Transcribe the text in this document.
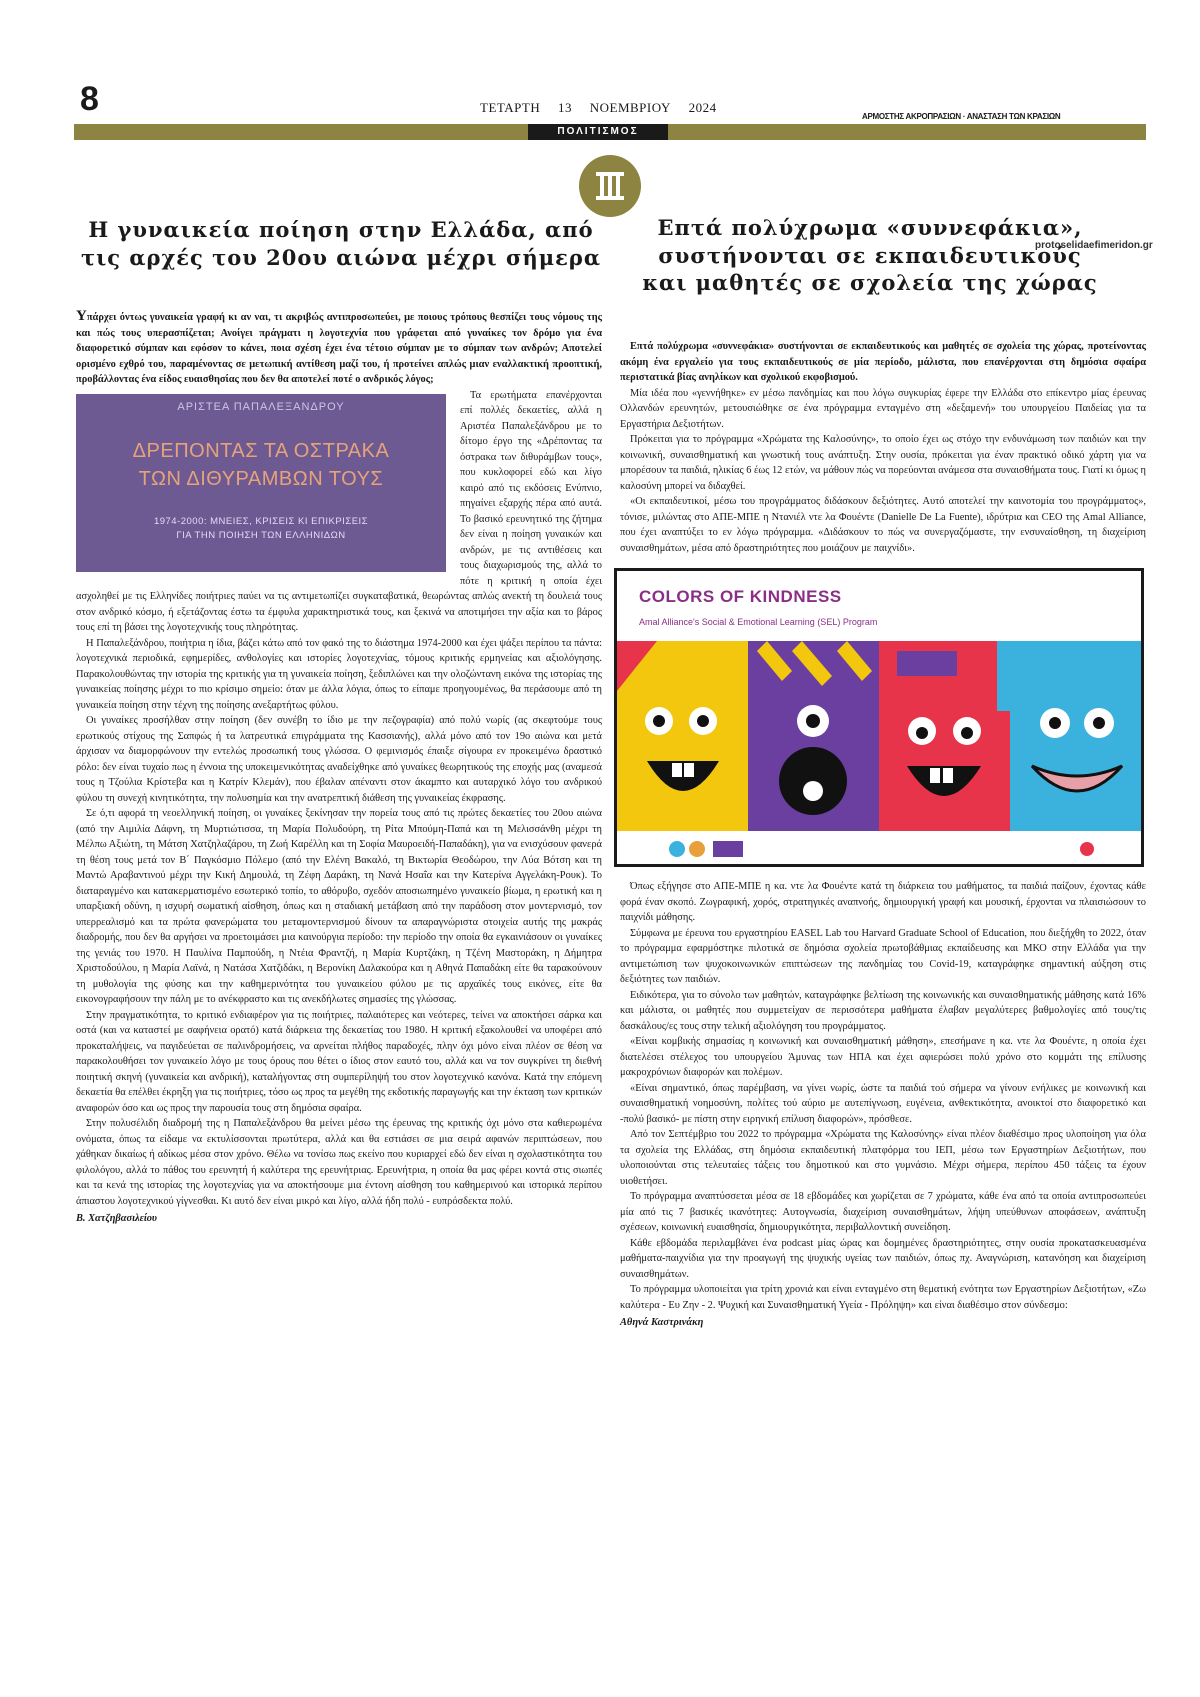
8	ΤΕΤΑΡΤΗ 13 ΝΟΕΜΒΡΙΟΥ 2024
ΑΡΜΟΣΤΗΣ ΑΚΡΟΠΡΑΣΙΩΝ · ΑΝΑΣΤΑΣΗ ΤΩΝ ΚΡΑΣΙΩΝ
ΠΟΛΙΤΙΣΜΟΣ
Η γυναικεία ποίηση στην Ελλάδα, από τις αρχές του 20ου αιώνα μέχρι σήμερα
Επτά πολύχρωμα «συννεφάκια», συστήνονται σε εκπαιδευτικούς και μαθητές σε σχολεία της χώρας
protoselidaefimeridon.gr

Υπάρχει όντως γυναικεία γραφή κι αν ναι, τι ακριβώς αντιπροσωπεύει, με ποιους τρόπους θεσπίζει τους νόμους της και πώς τους υπερασπίζεται; Ανοίγει πράγματι η λογοτεχνία που γράφεται από γυναίκες τον δρόμο για ένα διαφορετικό σύμπαν και εφόσον το κάνει, ποια σχέση έχει ένα τέτοιο σύμπαν με το σύμπαν των ανδρών; Αποτελεί ορισμένο εχθρό του, παραμένοντας σε μετωπική αντίθεση μαζί του, ή προτείνει απλώς μιαν εναλλακτική προοπτική, προβάλλοντας ένα είδος ευαισθησίας που δεν θα αποτελεί ποτέ ο ανδρικός λόγος;

ΑΡΙΣΤΕΑ ΠΑΠΑΛΕΞΑΝΔΡΟΥ
ΔΡΕΠΟΝΤΑΣ ΤΑ ΟΣΤΡΑΚΑ
ΤΩΝ ΔΙΘΥΡΑΜΒΩΝ ΤΟΥΣ
1974-2000: ΜΝΕΙΕΣ, ΚΡΙΣΕΙΣ ΚΙ ΕΠΙΚΡΙΣΕΙΣ
ΓΙΑ ΤΗΝ ΠΟΙΗΣΗ ΤΩΝ ΕΛΛΗΝΙΔΩΝ

Τα ερωτήματα επανέρχονται επί πολλές δεκαετίες, αλλά η Αριστέα Παπαλεξάνδρου με το δίτομο έργο της «Δρέποντας τα όστρακα των διθυράμβων τους», που κυκλοφορεί εδώ και λίγο καιρό από τις εκδόσεις Ενύπνιο, πηγαίνει εξαρχής πέρα από αυτά. Το βασικό ερευνητικό της ζήτημα δεν είναι η ποίηση γυναικών και ανδρών, με τις αντιθέσεις και τους διαχωρισμούς της, αλλά το πότε η κριτική η οποία έχει ασχοληθεί με τις Ελληνίδες ποιήτριες παύει να τις αντιμετωπίζει συγκαταβατικά, θεωρώντας απλώς ανεκτή τη δουλειά τους στον ανδρικό κόσμο, ή εξετάζοντας έστω τα έμφυλα χαρακτηριστικά τους, και ξεκινά να αποτιμήσει την αξία και το βάρος τους επί τη βάσει της λογοτεχνικής τους πληρότητας.

Η Παπαλεξάνδρου, ποιήτρια η ίδια, βάζει κάτω από τον φακό της το διάστημα 1974-2000 και έχει ψάξει περίπου τα πάντα: λογοτεχνικά περιοδικά, εφημερίδες, ανθολογίες και ιστορίες λογοτεχνίας, τόμους κριτικής ερμηνείας και αξιολόγησης. Παρακολουθώντας την ιστορία της κριτικής για τη γυναικεία ποίηση, ξεδιπλώνει και την ολοζώντανη εικόνα της ιστορίας της γυναικείας ποίησης μέχρι το πιο κρίσιμο σημείο: όταν με άλλα λόγια, όπως το είπαμε προηγουμένως, θα περάσουμε από τη γυναικεία ποίηση στην τέχνη της ποίησης ανεξαρτήτως φύλου.

Οι γυναίκες προσήλθαν στην ποίηση (δεν συνέβη το ίδιο με την πεζογραφία) από πολύ νωρίς (ας σκεφτούμε τους ερωτικούς στίχους της Σαπφώς ή τα λατρευτικά επιγράμματα της Κασσιανής), αλλά μόνο από τον 19ο αιώνα και μετά άρχισαν να διαμορφώνουν την εντελώς προσωπική τους γλώσσα. Ο φεμινισμός έπαιξε σίγουρα εν προκειμένω δραστικό ρόλο: δεν είναι τυχαίο πως η έννοια της υποκειμενικότητας αναδείχθηκε από γυναίκες θεωρητικούς της εποχής μας (αναμεσά τους η Τζούλια Κρίστεβα και η Κατρίν Κλεμάν), που έβαλαν απέναντι στον άκαμπτο και αυταρχικό λόγο του ανδρικού φύλου τη συνεχή κινητικότητα, την πολυσημία και την ανατρεπτική διάθεση της γυναικείας έκφρασης.

Σε ό,τι αφορά τη νεοελληνική ποίηση, οι γυναίκες ξεκίνησαν την πορεία τους από τις πρώτες δεκαετίες του 20ου αιώνα (από την Αιμιλία Δάφνη, τη Μυρτιώτισσα, τη Μαρία Πολυδούρη, τη Ρίτα Μπούμη-Παπά και τη Μελισσάνθη μέχρι τη Μέλπω Αξιώτη, τη Μάτση Χατζηλαζάρου, τη Ζωή Καρέλλη και τη Σοφία Μαυροειδή-Παπαδάκη), για να ενισχύσουν φανερά τη θέση τους μετά τον Β΄ Παγκόσμιο Πόλεμο (από την Ελένη Βακαλό, τη Βικτωρία Θεοδώρου, την Λύα Βότση και τη Μαντώ Αραβαντινού μέχρι την Κική Δημουλά, τη Ζέφη Δαράκη, τη Νανά Ησαΐα και την Κατερίνα Αγγελάκη-Ρουκ). Το διαταραγμένο και κατακερματισμένο εσωτερικό τοπίο, το αθόρυβο, σχεδόν αποσιωπημένο γυναικείο βίωμα, η ερωτική και η υπαρξιακή οδύνη, η ισχυρή σωματική αίσθηση, όπως και η σταδιακή μετάβαση από την παράδοση στον μοντερνισμό, τον υπερρεαλισμό και τα πρώτα φανερώματα του μεταμοντερνισμού δίνουν τα απαραγνώριστα στοιχεία αυτής της μακράς διαδρομής, που δεν θα αργήσει να προετοιμάσει μια καινούργια περίοδο: την περίοδο την οποία θα εγκαινιάσουν οι γυναίκες της γενιάς του 1970. Η Παυλίνα Παμπούδη, η Ντέια Φραντζή, η Μαρία Κυρτζάκη, η Τζένη Μαστοράκη, η Δήμητρα Χριστοδούλου, η Μαρία Λαϊνά, η Νατάσα Χατζιδάκι, η Βερονίκη Δαλακούρα και η Αθηνά Παπαδάκη είτε θα ταρακούνουν τη μυθολογία της φύσης και την καθημερινότητα του γυναικείου φύλου με τις αρχαϊκές τους εικόνες, είτε θα εικονογραφήσουν την πάλη με το ανέκφραστο και τις ανεκδήλωτες σημασίες της γλώσσας.

Στην πραγματικότητα, το κριτικό ενδιαφέρον για τις ποιήτριες, παλαιότερες και νεότερες, τείνει να αποκτήσει σάρκα και οστά (και να καταστεί με σαφήνεια ορατό) κατά διάρκεια της δεκαετίας του 1980. Η κριτική εξακολουθεί να υποφέρει από προκαταλήψεις, να παγιδεύεται σε παλινδρομήσεις, να αρνείται πλήθος παραδοχές, πλην όχι μόνο είναι πλέον σε θέση να παρακολουθήσει τον γυναικείο λόγο με τους όρους που θέτει ο ίδιος στον εαυτό του, αλλά και να τον συγκρίνει τη διεθνή ποιητική σκηνή (γυναικεία και ανδρική), καταλήγοντας στη συμπερίληψή του στον λογοτεχνικό κανόνα. Κατά την επόμενη δεκαετία θα επέλθει έκρηξη για τις ποιήτριες, τόσο ως προς τα μεγέθη της εκδοτικής παραγωγής και την έκταση των κριτικών αναφορών όσο και ως προς την παρουσία τους στη δημόσια σφαίρα.

Στην πολυσέλιδη διαδρομή της η Παπαλεξάνδρου θα μείνει μέσω της έρευνας της κριτικής όχι μόνο στα καθιερωμένα ονόματα, όπως τα είδαμε να εκτυλίσσονται πρωτύτερα, αλλά και θα εστιάσει σε μια σειρά αφανών περιπτώσεων, που χάθηκαν δικαίως ή αδίκως μέσα στον χρόνο. Θέλω να τονίσω πως εκείνο που κυριαρχεί εδώ δεν είναι η σχολαστικότητα του φιλολόγου, αλλά το πάθος του ερευνητή ή καλύτερα της ερευνήτριας. Ερευνήτρια, η οποία θα μας φέρει κοντά στις σιωπές και τα κενά της ιστορίας της λογοτεχνίας για να αποκτήσουμε μια έντονη αίσθηση του καθημερινού και ιστορικά περίπου άπιαστου λογοτεχνικού γίγνεσθαι. Κι αυτό δεν είναι μικρό και λίγο, αλλά ήδη πολύ - ευπρόσδεκτα πολύ.

Β. Χατζηβασιλείου

Επτά πολύχρωμα «συννεφάκια» συστήνονται σε εκπαιδευτικούς και μαθητές σε σχολεία της χώρας, προτείνοντας ακόμη ένα εργαλείο για τους εκπαιδευτικούς σε μία περίοδο, μάλιστα, που επανέρχονται στη δημόσια σφαίρα περιστατικά βίας ανηλίκων και σχολικού εκφοβισμού.

Μία ιδέα που «γεννήθηκε» εν μέσω πανδημίας και που λόγω συγκυρίας έφερε την Ελλάδα στο επίκεντρο μίας έρευνας Ολλανδών ερευνητών, μετουσιώθηκε σε ένα πρόγραμμα ενταγμένο στη «δεξαμενή» του υπουργείου Παιδείας για τα Εργαστήρια Δεξιοτήτων.

Πρόκειται για το πρόγραμμα «Χρώματα της Καλοσύνης», το οποίο έχει ως στόχο την ενδυνάμωση των παιδιών και την κοινωνική, συναισθηματική και γνωστική τους ανάπτυξη. Στην ουσία, πρόκειται για έναν πρακτικό οδικό χάρτη για να μπορέσουν τα παιδιά, ηλικίας 6 έως 12 ετών, να μάθουν πώς να πορεύονται ανάμεσα στα συναισθήματα τους. Γιατί κι όμως η καλοσύνη μπορεί να διδαχθεί.

«Οι εκπαιδευτικοί, μέσω του προγράμματος διδάσκουν δεξιότητες. Αυτό αποτελεί την καινοτομία του προγράμματος», τόνισε, μιλώντας στο ΑΠΕ-ΜΠΕ η Ντανιέλ ντε λα Φουέντε (Danielle De La Fuente), ιδρύτρια και CEO της Amal Alliance, που έχει αναπτύξει το εν λόγω πρόγραμμα. «Διδάσκουν το πώς να συνεργαζόμαστε, την ενσυναίσθηση, τη διαχείριση συναισθημάτων, μέσα από δραστηριότητες που μοιάζουν με παιχνίδι».

COLORS OF KINDNESS
Amal Alliance's Social & Emotional Learning (SEL) Program

Όπως εξήγησε στο ΑΠΕ-ΜΠΕ η κα. ντε λα Φουέντε κατά τη διάρκεια του μαθήματος, τα παιδιά παίζουν, έχοντας κάθε φορά έναν σκοπό. Ζωγραφική, χορός, στρατηγικές αναπνοής, δημιουργική γραφή και μουσική, έρχονται να πλαισιώσουν το παιχνίδι μάθησης.

Σύμφωνα με έρευνα του εργαστηρίου EASEL Lab του Harvard Graduate School of Education, που διεξήχθη το 2022, όταν το πρόγραμμα εφαρμόστηκε πιλοτικά σε δημόσια σχολεία πρωτοβάθμιας εκπαίδευσης και ΜΚΟ στην Ελλάδα για την αντιμετώπιση των ψυχοκοινωνικών επιπτώσεων της πανδημίας του Covid-19, καταγράφηκε σημαντική αύξηση στις δεξιότητες των παιδιών.

Ειδικότερα, για το σύνολο των μαθητών, καταγράφηκε βελτίωση της κοινωνικής και συναισθηματικής μάθησης κατά 16% και μάλιστα, οι μαθητές που συμμετείχαν σε περισσότερα μαθήματα έλαβαν μεγαλύτερες βαθμολογίες από τους/τις δασκάλους/ες τους στην τελική αξιολόγηση του προγράμματος.

«Είναι κομβικής σημασίας η κοινωνική και συναισθηματική μάθηση», επεσήμανε η κα. ντε λα Φουέντε, η οποία έχει διατελέσει στέλεχος του υπουργείου Άμυνας των ΗΠΑ και έχει αφιερώσει πολύ χρόνο στο κομμάτι της επίλυσης μακροχρόνιων διαφορών και πολέμων.

«Είναι σημαντικό, όπως παρέμβαση, να γίνει νωρίς, ώστε τα παιδιά τού σήμερα να γίνουν ενήλικες με κοινωνική και συναισθηματική νοημοσύνη, πολίτες τού αύριο με αυτεπίγνωση, ευγένεια, ανθεκτικότητα, ανοικτοί στο διαφορετικό και -πολύ βασικό- με πίστη στην ειρηνική επίλυση διαφορών», πρόσθεσε.

Από τον Σεπτέμβριο του 2022 το πρόγραμμα «Χρώματα της Καλοσύνης» είναι πλέον διαθέσιμο προς υλοποίηση για όλα τα σχολεία της Ελλάδας, στη δημόσια εκπαιδευτική πλατφόρμα του ΙΕΠ, μέσω των Εργαστηρίων Δεξιοτήτων, που υλοποιούνται στις τελευταίες τάξεις του δημοτικού και στο γυμνάσιο. Μέχρι σήμερα, περίπου 450 τάξεις τα έχουν υιοθετήσει.

Το πρόγραμμα αναπτύσσεται μέσα σε 18 εβδομάδες και χωρίζεται σε 7 χρώματα, κάθε ένα από τα οποία αντιπροσωπεύει μία από τις 7 βασικές ικανότητες: Αυτογνωσία, διαχείριση συναισθημάτων, λήψη υπεύθυνων αποφάσεων, ανάπτυξη σχέσεων, κοινωνική ευαισθησία, δημιουργικότητα, περιβαλλοντική συνείδηση.

Κάθε εβδομάδα περιλαμβάνει ένα podcast μίας ώρας και δομημένες δραστηριότητες, στην ουσία προκατασκευασμένα μαθήματα-παιχνίδια για την προαγωγή της ψυχικής υγείας των παιδιών, όπως πχ. Αναγνώριση, κατανόηση και διαχείριση συναισθημάτων.

Το πρόγραμμα υλοποιείται για τρίτη χρονιά και είναι ενταγμένο στη θεματική ενότητα των Εργαστηρίων Δεξιοτήτων, «Ζω καλύτερα - Ευ Ζην - 2. Ψυχική και Συναισθηματική Υγεία - Πρόληψη» και είναι διαθέσιμο στον σύνδεσμο:

Αθηνά Καστρινάκη
